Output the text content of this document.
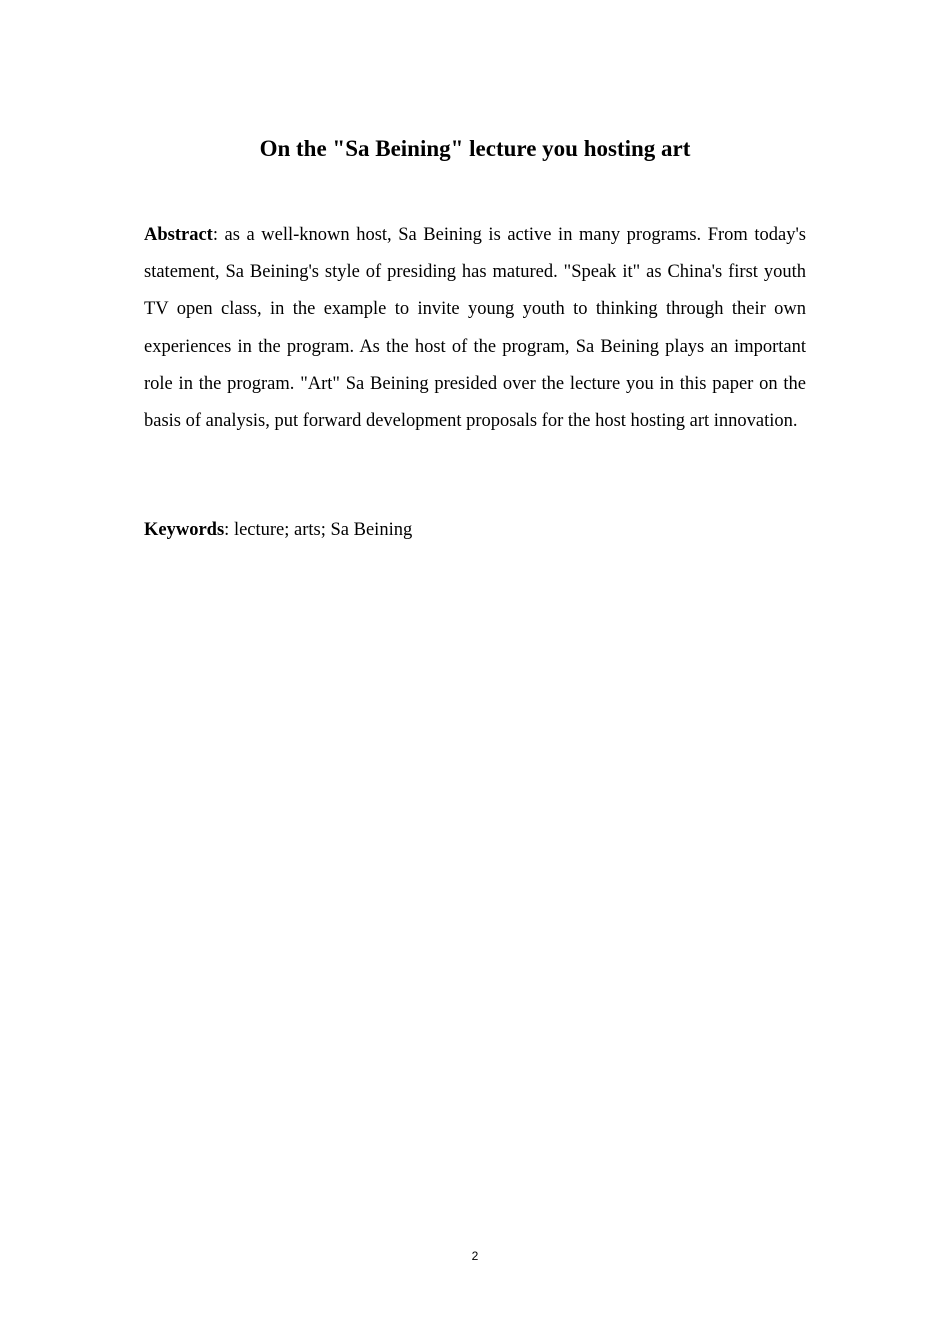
On the "Sa Beining" lecture you hosting art

Abstract: as a well-known host, Sa Beining is active in many programs. From today's statement, Sa Beining's style of presiding has matured. "Speak it" as China's first youth TV open class, in the example to invite young youth to thinking through their own experiences in the program. As the host of the program, Sa Beining plays an important role in the program. "Art" Sa Beining presided over the lecture you in this paper on the basis of analysis, put forward development proposals for the host hosting art innovation.

Keywords: lecture; arts; Sa Beining

2
